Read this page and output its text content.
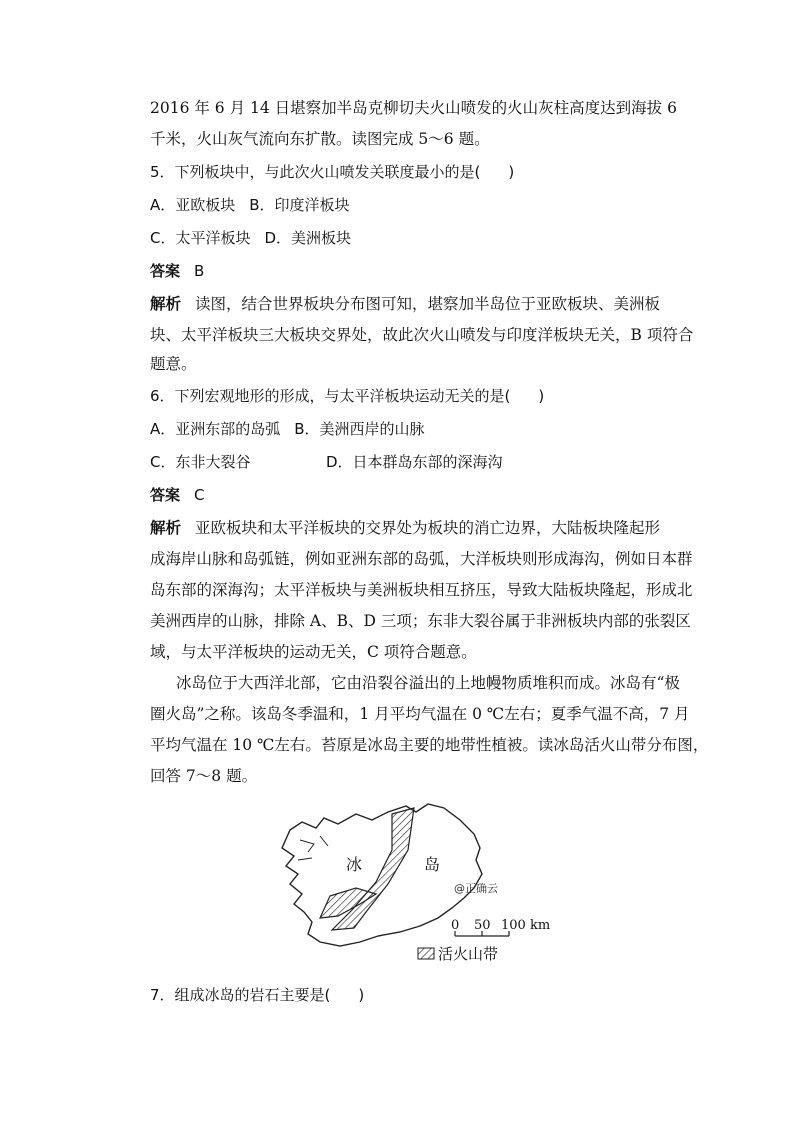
2016 年 6 月 14 日堪察加半岛克柳切夫火山喷发的火山灰柱高度达到海拔 6
千米，火山灰气流向东扩散。读图完成 5～6 题。
5．下列板块中，与此次火山喷发关联度最小的是( )
A．亚欧板块 B．印度洋板块
C．太平洋板块 D．美洲板块
答案 B
解析 读图，结合世界板块分布图可知，堪察加半岛位于亚欧板块、美洲板
块、太平洋板块三大板块交界处，故此次火山喷发与印度洋板块无关，B 项符合
题意。
6．下列宏观地形的形成，与太平洋板块运动无关的是( )
A．亚洲东部的岛弧 B．美洲西岸的山脉
C．东非大裂谷	D．日本群岛东部的深海沟
答案 C
解析 亚欧板块和太平洋板块的交界处为板块的消亡边界，大陆板块隆起形
成海岸山脉和岛弧链，例如亚洲东部的岛弧，大洋板块则形成海沟，例如日本群
岛东部的深海沟；太平洋板块与美洲板块相互挤压，导致大陆板块隆起，形成北
美洲西岸的山脉，排除 A、B、D 三项；东非大裂谷属于非洲板块内部的张裂区
域，与太平洋板块的运动无关，C 项符合题意。
冰岛位于大西洋北部，它由沿裂谷溢出的上地幔物质堆积而成。冰岛有“极
圈火岛”之称。该岛冬季温和，1 月平均气温在 0 ℃左右；夏季气温不高，7 月
平均气温在 10 ℃左右。苔原是冰岛主要的地带性植被。读冰岛活火山带分布图，
回答 7～8 题。
冰	岛
@正确云
0 50 100 km
活火山带
7．组成冰岛的岩石主要是( )
